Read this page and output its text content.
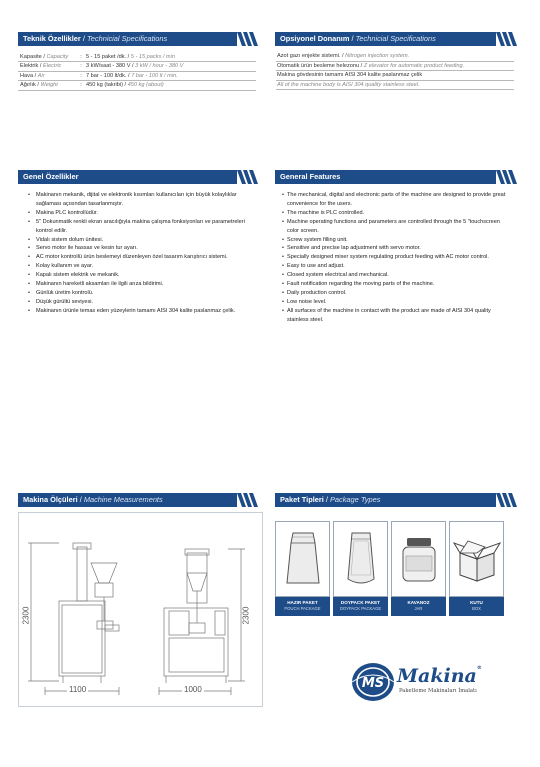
Teknik Özellikler / Technicial Specifications
Kapasite / Capacity	:	5 - 15 paket /dk. / 5 - 15 packs / min
Elektrik / Electric	:	3 kW/saat - 380 V / 3 kW / hour - 380 V
Hava / Air	:	7 bar - 100 lt/dk. / 7 bar - 100 lt / min.
Ağırlık / Weight	:	450 kg (takribi) / 450 kg (about)
Opsiyonel Donanım / Technicial Specifications
Azot gazı enjekte sistemi. / Nitrogen injection system.
Otomatik ürün besleme helezonu / Z elevator for automatic product feeding.
Makina gövdesinin tamamı AISI 304 kalite paslanmaz çelik
All of the machine body is AISI 304 quality stainless steel.
Genel Özellikler
• Makinanın mekanik, dijital ve elektronik kısımları kullanıcıları için büyük kolaylıklar sağlaması açısından tasarlanmıştır.
• Makina PLC kontrollüdür.
• 5" Dokunmatik renkli ekran aracılığıyla makina çalışma fonksiyonları ve parametreleri kontrol edilir.
• Vidalı sistem dolum ünitesi.
• Servo motor ile hassas ve kesin tur ayarı.
• AC motor kontrollü ürün beslemeyi düzenleyen özel tasarım karıştırıcı sistemi.
• Kolay kullanım ve ayar.
• Kapalı sistem elektrik ve mekanik.
• Makinanın hareketli aksamları ile ilgili arıza bildirimi.
• Günlük üretim kontrolü.
• Düşük gürültü seviyesi.
• Makinanın ürünle temas eden yüzeylerin tamamı AISI 304 kalite paslanmaz çelik.
General Features
• The mechanical, digital and electronic parts of the machine are designed to provide great convenience for the users.
• The machine is PLC controlled.
• Machine operating functions and parameters are controlled through the 5 "touchscreen color screen.
• Screw system filling unit.
• Sensitive and precise lap adjustment with servo motor.
• Specially designed mixer system regulating product feeding with AC motor control.
• Easy to use and adjust.
• Closed system electrical and mechanical.
• Fault notification regarding the moving parts of the machine.
• Daily production control.
• Low noise level.
• All surfaces of the machine in contact with the product are made of AISI 304 quality stainless steel.
Makina Ölçüleri / Machine Measurements
2300	2300
1100	1000
Paket Tipleri / Package Types
HAZIR PAKET
POUCH PACKAGE
DOYPACK PAKET
DOYPACK PACKAGE
KAVANOZ
JAR
KUTU
BOX
MS Makina®
Paketleme Makinaları İmalatı
